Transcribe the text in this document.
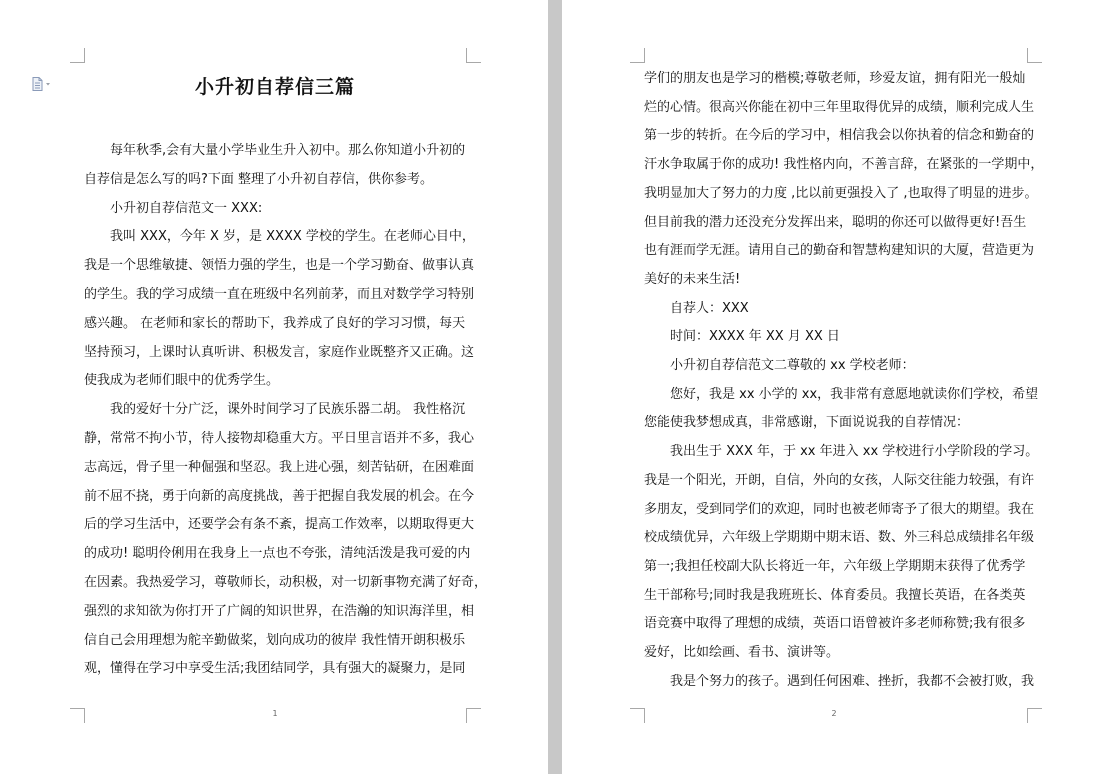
小升初自荐信三篇
每年秋季,会有大量小学毕业生升入初中。那么你知道小升初的
自荐信是怎么写的吗?下面 整理了小升初自荐信，供你参考。
小升初自荐信范文一 XXX:
我叫 XXX，今年 X 岁，是 XXXX 学校的学生。在老师心目中，
我是一个思维敏捷、领悟力强的学生，也是一个学习勤奋、做事认真
的学生。我的学习成绩一直在班级中名列前茅，而且对数学学习特别
感兴趣。 在老师和家长的帮助下，我养成了良好的学习习惯，每天
坚持预习，上课时认真听讲、积极发言，家庭作业既整齐又正确。这
使我成为老师们眼中的优秀学生。
我的爱好十分广泛，课外时间学习了民族乐器二胡。 我性格沉
静，常常不拘小节，待人接物却稳重大方。平日里言语并不多，我心
志高远，骨子里一种倔强和坚忍。我上进心强，刻苦钻研，在困难面
前不屈不挠，勇于向新的高度挑战，善于把握自我发展的机会。在今
后的学习生活中，还要学会有条不紊，提高工作效率，以期取得更大
的成功! 聪明伶俐用在我身上一点也不夸张，清纯活泼是我可爱的内
在因素。我热爱学习，尊敬师长，动积极，对一切新事物充满了好奇，
强烈的求知欲为你打开了广阔的知识世界，在浩瀚的知识海洋里，相
信自己会用理想为舵辛勤做桨，划向成功的彼岸 我性情开朗积极乐
观，懂得在学习中享受生活;我团结同学，具有强大的凝聚力，是同
1
学们的朋友也是学习的楷模;尊敬老师，珍爱友谊，拥有阳光一般灿
烂的心情。很高兴你能在初中三年里取得优异的成绩，顺利完成人生
第一步的转折。在今后的学习中，相信我会以你执着的信念和勤奋的
汗水争取属于你的成功! 我性格内向，不善言辞，在紧张的一学期中，
我明显加大了努力的力度 ,比以前更强投入了 ,也取得了明显的进步。
但目前我的潜力还没充分发挥出来，聪明的你还可以做得更好!吾生
也有涯而学无涯。请用自己的勤奋和智慧构建知识的大厦，营造更为
美好的未来生活!
自荐人：XXX
时间：XXXX 年 XX 月 XX 日
小升初自荐信范文二尊敬的 xx 学校老师：
您好，我是 xx 小学的 xx，我非常有意愿地就读你们学校，希望
您能使我梦想成真，非常感谢，下面说说我的自荐情况：
我出生于 XXX 年，于 xx 年进入 xx 学校进行小学阶段的学习。
我是一个阳光，开朗，自信，外向的女孩，人际交往能力较强，有许
多朋友，受到同学们的欢迎，同时也被老师寄予了很大的期望。我在
校成绩优异，六年级上学期期中期末语、数、外三科总成绩排名年级
第一;我担任校副大队长将近一年，六年级上学期期末获得了优秀学
生干部称号;同时我是我班班长、体育委员。我擅长英语，在各类英
语竞赛中取得了理想的成绩，英语口语曾被许多老师称赞;我有很多
爱好，比如绘画、看书、演讲等。
我是个努力的孩子。遇到任何困难、挫折，我都不会被打败，我
2
